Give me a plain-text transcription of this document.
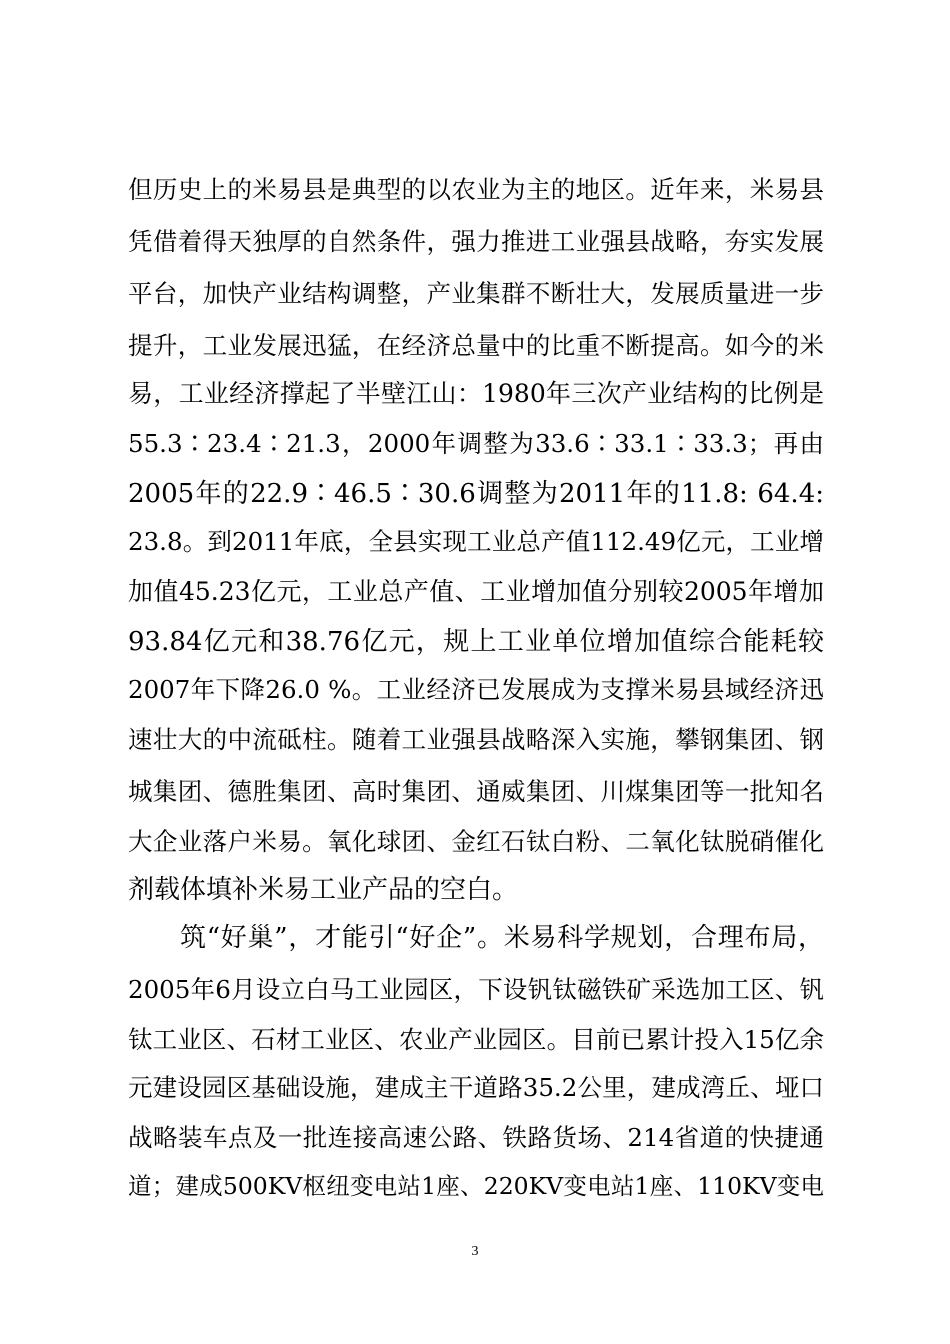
但历史上的米易县是典型的以农业为主的地区。近年来，米易县
凭借着得天独厚的自然条件，强力推进工业强县战略，夯实发展
平台，加快产业结构调整，产业集群不断壮大，发展质量进一步
提升，工业发展迅猛，在经济总量中的比重不断提高。如今的米
易，工业经济撑起了半壁江山：1980年三次产业结构的比例是
55.3∶23.4∶21.3，2000年调整为33.6∶33.1∶33.3；再由
2005年的22.9∶46.5∶30.6调整为2011年的11.8: 64.4:
23.8。到2011年底，全县实现工业总产值112.49亿元，工业增
加值45.23亿元，工业总产值、工业增加值分别较2005年增加
93.84亿元和38.76亿元，规上工业单位增加值综合能耗较
2007年下降26.0 %。工业经济已发展成为支撑米易县域经济迅
速壮大的中流砥柱。随着工业强县战略深入实施，攀钢集团、钢
城集团、德胜集团、高时集团、通威集团、川煤集团等一批知名
大企业落户米易。氧化球团、金红石钛白粉、二氧化钛脱硝催化
剂载体填补米易工业产品的空白。
筑“好巢”，才能引“好企”。米易科学规划，合理布局，
2005年6月设立白马工业园区，下设钒钛磁铁矿采选加工区、钒
钛工业区、石材工业区、农业产业园区。目前已累计投入15亿余
元建设园区基础设施，建成主干道路35.2公里，建成湾丘、垭口
战略装车点及一批连接高速公路、铁路货场、214省道的快捷通
道；建成500KV枢纽变电站1座、220KV变电站1座、110KV变电
3
